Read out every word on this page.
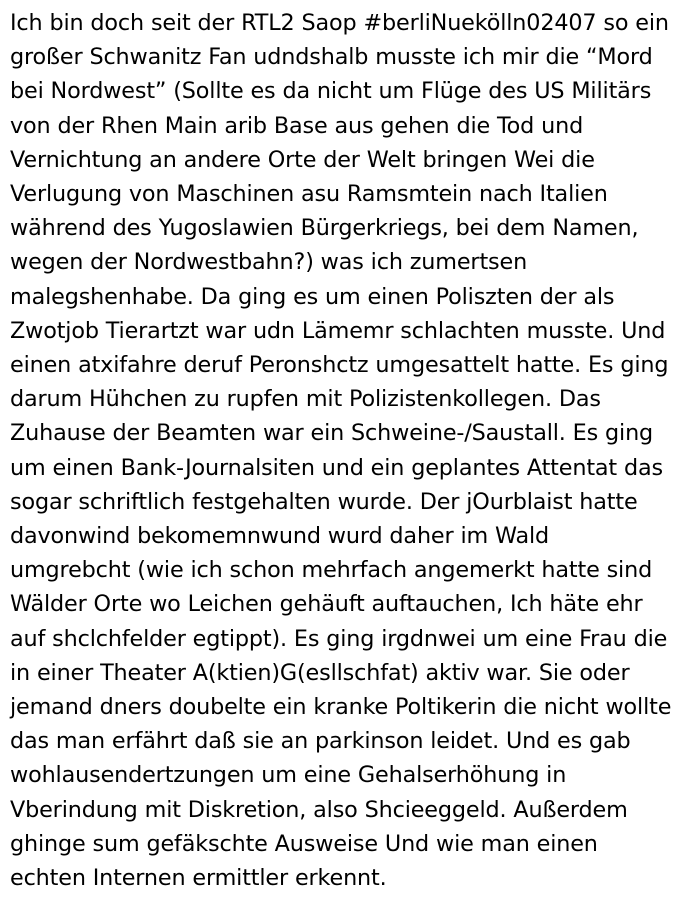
Ich bin doch seit der RTL2 Saop #berliNuekölln02407 so ein großer Schwanitz Fan udndshalb musste ich mir die “Mord bei Nordwest” (Sollte es da nicht um Flüge des US Militärs von der Rhen Main arib Base aus gehen die Tod und Vernichtung an andere Orte der Welt bringen Wei die Verlugung von Maschinen asu Ramsmtein nach Italien während des Yugoslawien Bürgerkriegs, bei dem Namen, wegen der Nordwestbahn?) was ich zumertsen malegshenhabe. Da ging es um einen Poliszten der als Zwotjob Tierartzt war udn Lämemr schlachten musste. Und einen atxifahre deruf Peronshctz umgesattelt hatte. Es ging darum Hühchen zu rupfen mit Polizistenkollegen. Das Zuhause der Beamten war ein Schweine-/Saustall. Es ging um einen Bank-Journalsiten und ein geplantes Attentat das sogar schriftlich festgehalten wurde. Der jOurblaist hatte davonwind bekomemnwund wurd daher im Wald umgrebcht (wie ich schon mehrfach angemerkt hatte sind Wälder Orte wo Leichen gehäuft auftauchen, Ich häte ehr auf shclchfelder egtippt). Es ging irgdnwei um eine Frau die in einer Theater A(ktien)G(esllschfat) aktiv war. Sie oder jemand dners doubelte ein kranke Poltikerin die nicht wollte das man erfährt daß sie an parkinson leidet. Und es gab wohlausendertzungen um eine Gehalserhöhung in Vberindung mit Diskretion, also Shcieeggeld. Außerdem ghinge sum gefäkschte Ausweise Und wie man einen echten Internen ermittler erkennt.
